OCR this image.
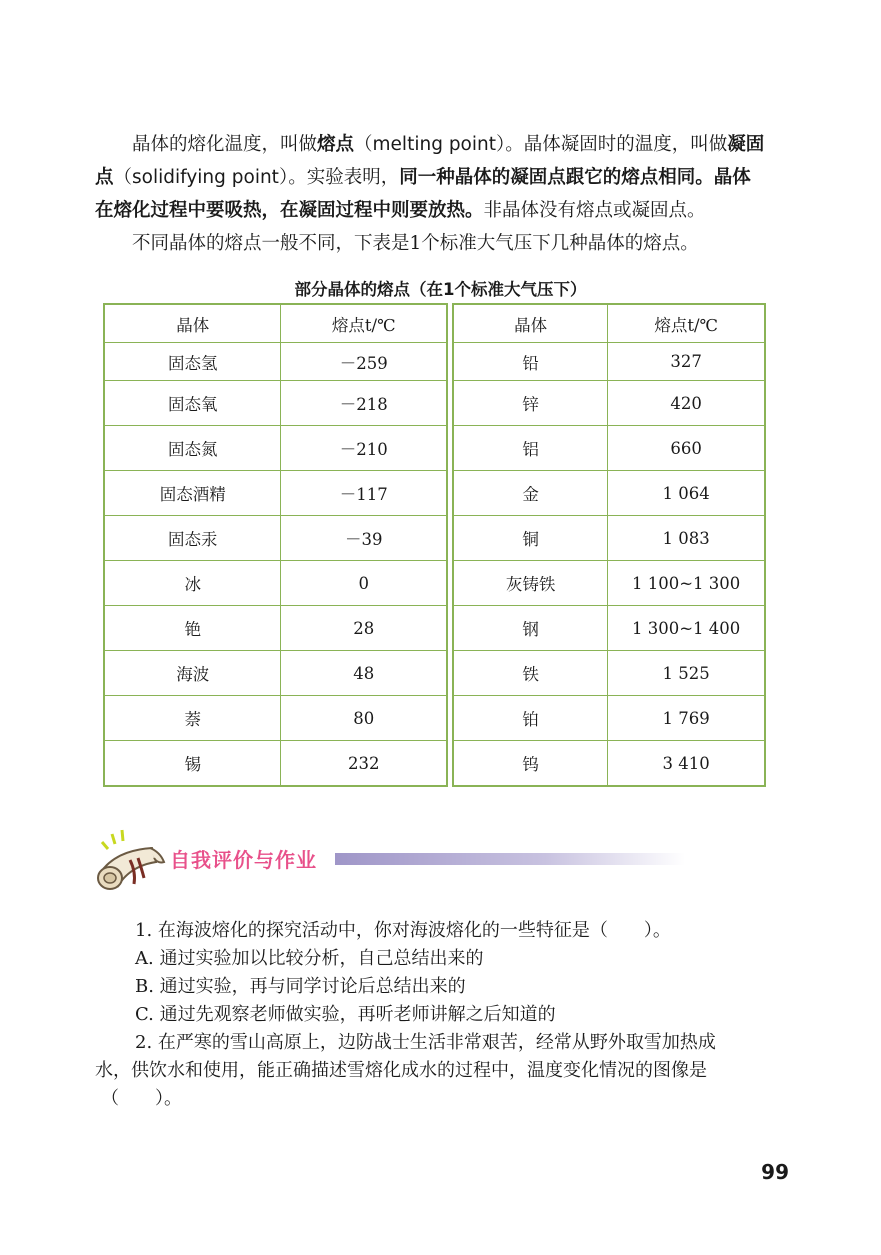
晶体的熔化温度，叫做熔点（melting point）。晶体凝固时的温度，叫做凝固
点（solidifying point）。实验表明，同一种晶体的凝固点跟它的熔点相同。晶体
在熔化过程中要吸热，在凝固过程中则要放热。非晶体没有熔点或凝固点。
不同晶体的熔点一般不同，下表是1个标准大气压下几种晶体的熔点。
部分晶体的熔点（在1个标准大气压下）
晶体	熔点t/℃
固态氢	－259
固态氧	－218
固态氮	－210
固态酒精	－117
固态汞	－39
冰	0
铯	28
海波	48
萘	80
锡	232
晶体	熔点t/℃
铅	327
锌	420
铝	660
金	1 064
铜	1 083
灰铸铁	1 100~1 300
钢	1 300~1 400
铁	1 525
铂	1 769
钨	3 410
自我评价与作业
1. 在海波熔化的探究活动中，你对海波熔化的一些特征是（　　）。
A. 通过实验加以比较分析，自己总结出来的
B. 通过实验，再与同学讨论后总结出来的
C. 通过先观察老师做实验，再听老师讲解之后知道的
2. 在严寒的雪山高原上，边防战士生活非常艰苦，经常从野外取雪加热成
水，供饮水和使用，能正确描述雪熔化成水的过程中，温度变化情况的图像是
（　　）。
99
